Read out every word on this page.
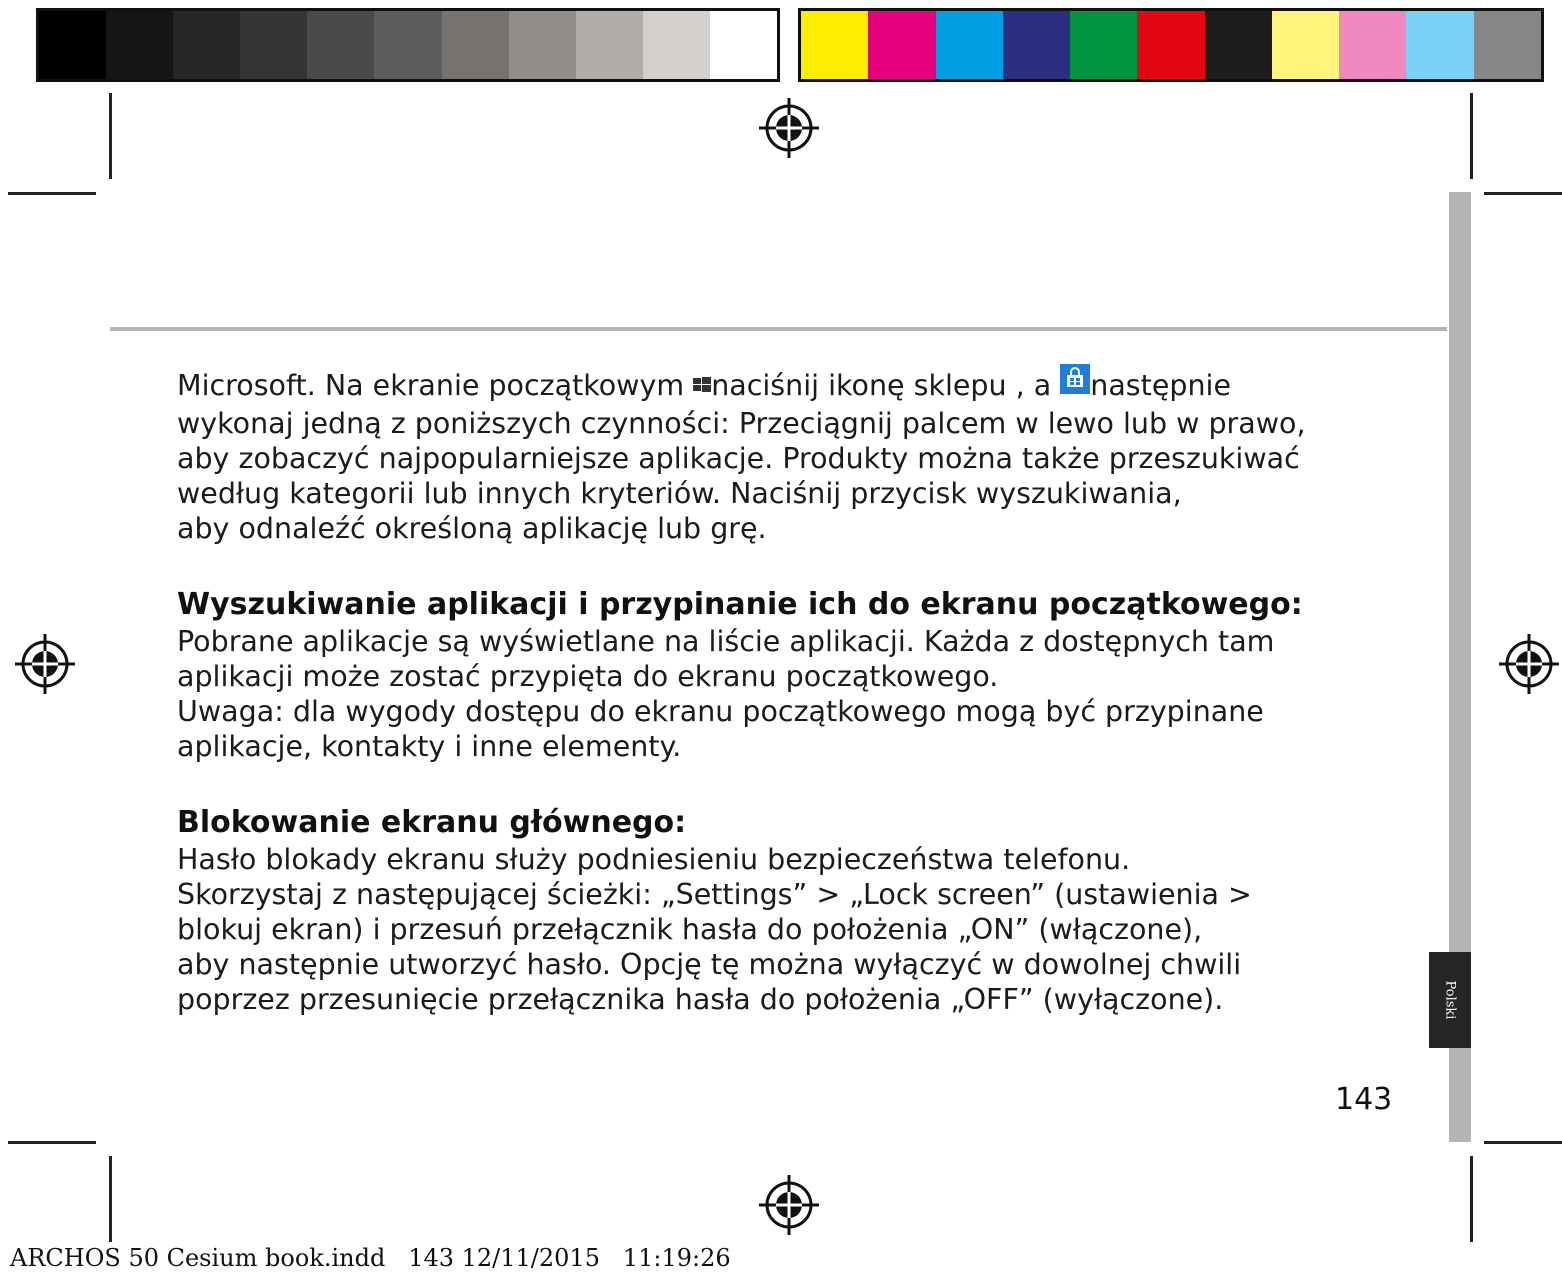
Polski

Microsoft. Na ekranie początkowym naciśnij ikonę sklepu , a następnie
wykonaj jedną z poniższych czynności: Przeciągnij palcem w lewo lub w prawo,
aby zobaczyć najpopularniejsze aplikacje. Produkty można także przeszukiwać
według kategorii lub innych kryteriów. Naciśnij przycisk wyszukiwania,
aby odnaleźć określoną aplikację lub grę.

Wyszukiwanie aplikacji i przypinanie ich do ekranu początkowego:

Pobrane aplikacje są wyświetlane na liście aplikacji. Każda z dostępnych tam
aplikacji może zostać przypięta do ekranu początkowego.
Uwaga: dla wygody dostępu do ekranu początkowego mogą być przypinane
aplikacje, kontakty i inne elementy.

Blokowanie ekranu głównego:

Hasło blokady ekranu służy podniesieniu bezpieczeństwa telefonu.
Skorzystaj z następującej ścieżki: „Settings” > „Lock screen” (ustawienia >
blokuj ekran) i przesuń przełącznik hasła do położenia „ON” (włączone),
aby następnie utworzyć hasło. Opcję tę można wyłączyć w dowolnej chwili
poprzez przesunięcie przełącznika hasła do położenia „OFF” (wyłączone).

143
ARCHOS 50 Cesium book.indd   143 12/11/2015   11:19:26
